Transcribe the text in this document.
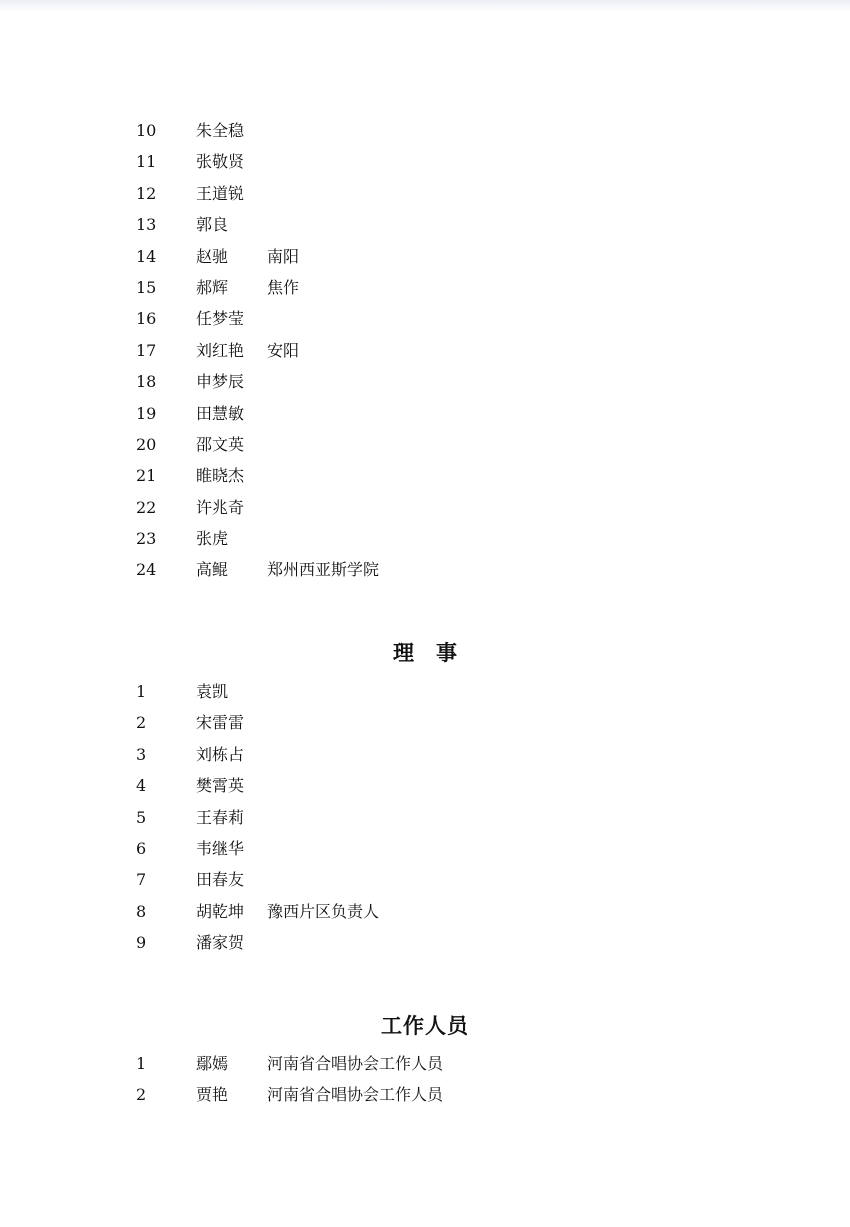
10 朱全稳
11 张敬贤
12 王道锐
13 郭良
14 赵驰 南阳
15 郝辉 焦作
16 任梦莹
17 刘红艳 安阳
18 申梦辰
19 田慧敏
20 邵文英
21 睢晓杰
22 许兆奇
23 张虎
24 高鲲 郑州西亚斯学院
理事
1	袁凯
2	宋雷雷
3	刘栋占
4	樊霄英
5	王春莉
6	韦继华
7	田春友
8	胡乾坤 豫西片区负责人
9	潘家贺
工作人员
1	鄢嫣 河南省合唱协会工作人员
2	贾艳 河南省合唱协会工作人员
